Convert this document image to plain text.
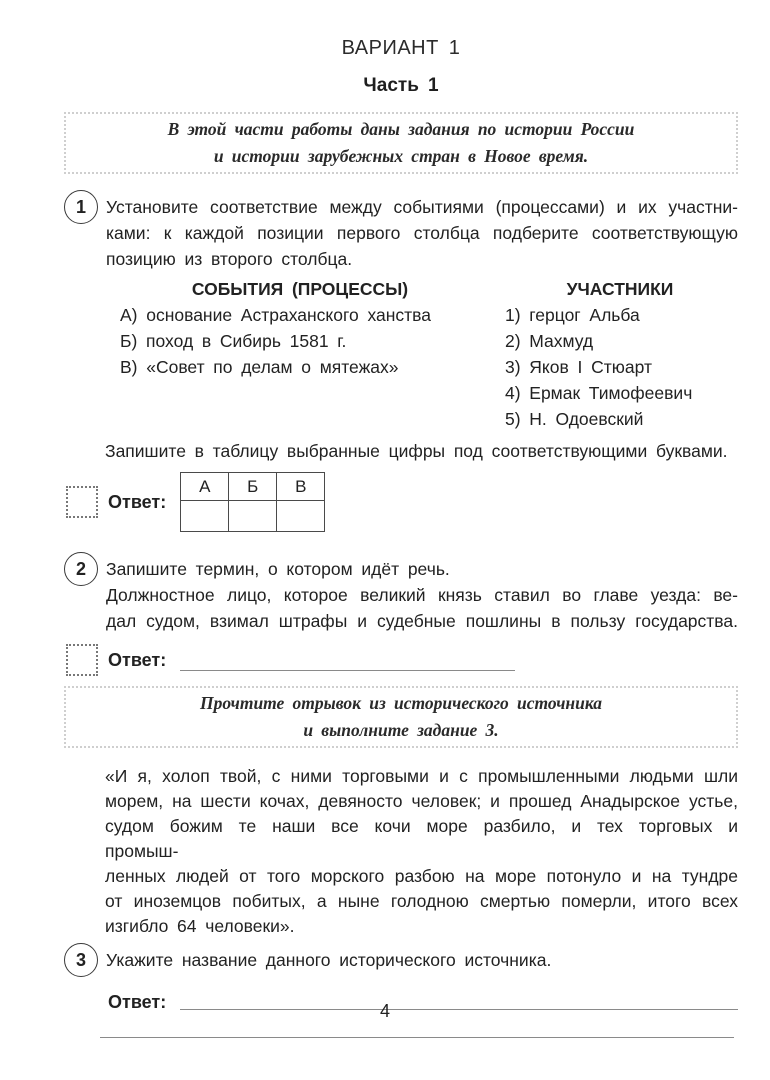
ВАРИАНТ 1
Часть 1
В этой части работы даны задания по истории России
и истории зарубежных стран в Новое время.
1	Установите соответствие между событиями (процессами) и их участни-
ками: к каждой позиции первого столбца подберите соответствующую
позицию из второго столбца.
СОБЫТИЯ (ПРОЦЕССЫ)
А) основание Астраханского ханства
Б) поход в Сибирь 1581 г.
В) «Совет по делам о мятежах»
УЧАСТНИКИ
1) герцог Альба
2) Махмуд
3) Яков I Стюарт
4) Ермак Тимофеевич
5) Н. Одоевский
Запишите в таблицу выбранные цифры под соответствующими буквами.
Ответ:
А	Б	В

2	Запишите термин, о котором идёт речь.
Должностное лицо, которое великий князь ставил во главе уезда: ве-
дал судом, взимал штрафы и судебные пошлины в пользу государства.
Ответ:
Прочтите отрывок из исторического источника
и выполните задание 3.
«И я, холоп твой, с ними торговыми и с промышленными людьми шли
морем, на шести кочах, девяносто человек; и прошед Анадырское устье,
судом божим те наши все кочи море разбило, и тех торговых и промыш-
ленных людей от того морского разбою на море потонуло и на тундре
от иноземцов побитых, а ныне голодною смертью померли, итого всех
изгибло 64 человеки».
3	Укажите название данного исторического источника.
Ответ:	4
